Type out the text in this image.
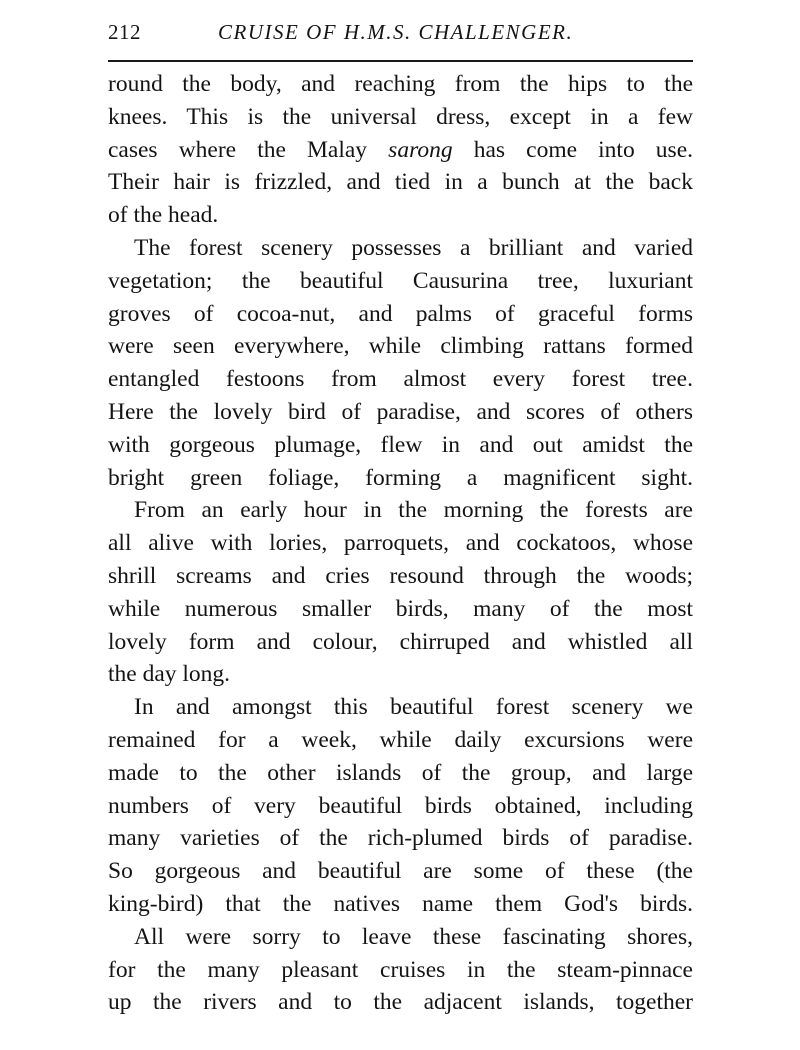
212	CRUISE OF H.M.S. CHALLENGER.
round the body, and reaching from the hips to the
knees. This is the universal dress, except in a few
cases where the Malay sarong has come into use.
Their hair is frizzled, and tied in a bunch at the back
of the head.
The forest scenery possesses a brilliant and varied
vegetation; the beautiful Causurina tree, luxuriant
groves of cocoa-nut, and palms of graceful forms
were seen everywhere, while climbing rattans formed
entangled festoons from almost every forest tree.
Here the lovely bird of paradise, and scores of others
with gorgeous plumage, flew in and out amidst the
bright green foliage, forming a magnificent sight.
From an early hour in the morning the forests are
all alive with lories, parroquets, and cockatoos, whose
shrill screams and cries resound through the woods;
while numerous smaller birds, many of the most
lovely form and colour, chirruped and whistled all
the day long.
In and amongst this beautiful forest scenery we
remained for a week, while daily excursions were
made to the other islands of the group, and large
numbers of very beautiful birds obtained, including
many varieties of the rich-plumed birds of paradise.
So gorgeous and beautiful are some of these (the
king-bird) that the natives name them God's birds.
All were sorry to leave these fascinating shores,
for the many pleasant cruises in the steam-pinnace
up the rivers and to the adjacent islands, together
